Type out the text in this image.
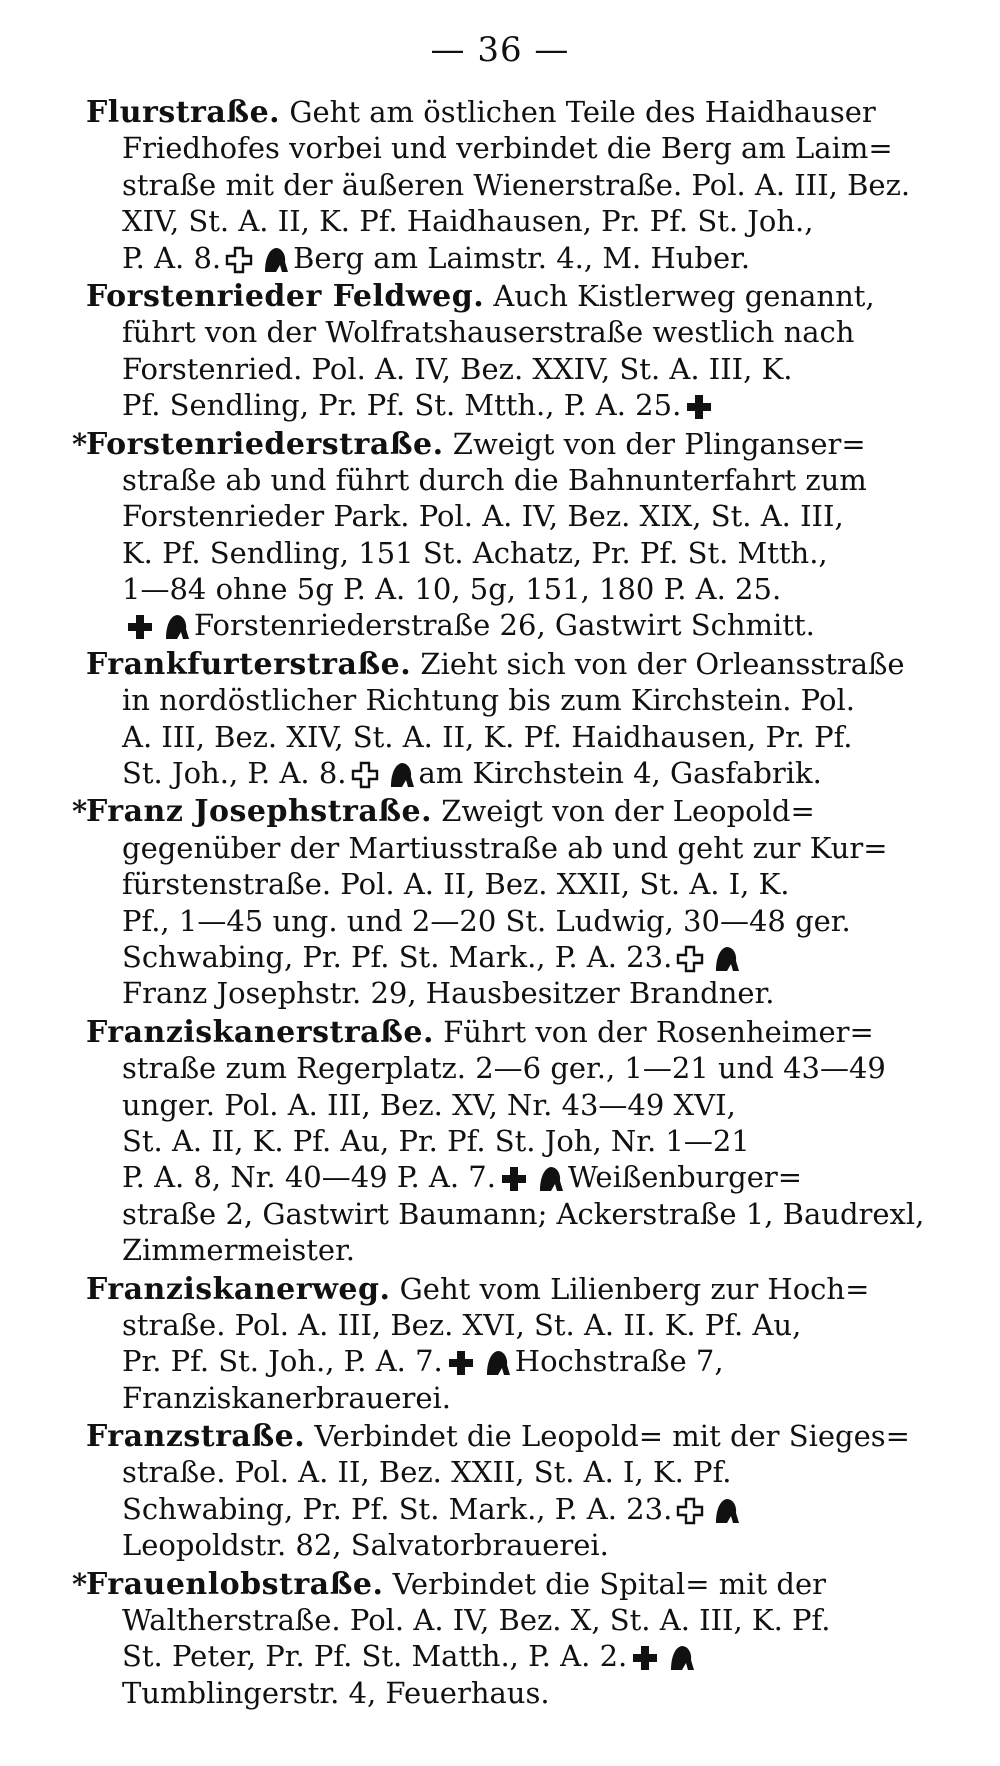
— 36 —
Flurstraße. Geht am östlichen Teile des Haidhauser
Friedhofes vorbei und verbindet die Berg am Laim=
straße mit der äußeren Wienerstraße. Pol. A. III, Bez.
XIV, St. A. II, K. Pf. Haidhausen, Pr. Pf. St. Joh.,
P. A. 8. Berg am Laimstr. 4., M. Huber.
Forstenrieder Feldweg. Auch Kistlerweg genannt,
führt von der Wolfratshauserstraße westlich nach
Forstenried. Pol. A. IV, Bez. XXIV, St. A. III, K.
Pf. Sendling, Pr. Pf. St. Mtth., P. A. 25.
*Forstenriederstraße. Zweigt von der Plinganser=
straße ab und führt durch die Bahnunterfahrt zum
Forstenrieder Park. Pol. A. IV, Bez. XIX, St. A. III,
K. Pf. Sendling, 151 St. Achatz, Pr. Pf. St. Mtth.,
1—84 ohne 5g P. A. 10, 5g, 151, 180 P. A. 25.
Forstenriederstraße 26, Gastwirt Schmitt.
Frankfurterstraße. Zieht sich von der Orleansstraße
in nordöstlicher Richtung bis zum Kirchstein. Pol.
A. III, Bez. XIV, St. A. II, K. Pf. Haidhausen, Pr. Pf.
St. Joh., P. A. 8. am Kirchstein 4, Gasfabrik.
*Franz Josephstraße. Zweigt von der Leopold=
gegenüber der Martiusstraße ab und geht zur Kur=
fürstenstraße. Pol. A. II, Bez. XXII, St. A. I, K.
Pf., 1—45 ung. und 2—20 St. Ludwig, 30—48 ger.
Schwabing, Pr. Pf. St. Mark., P. A. 23.
Franz Josephstr. 29, Hausbesitzer Brandner.
Franziskanerstraße. Führt von der Rosenheimer=
straße zum Regerplatz. 2—6 ger., 1—21 und 43—49
unger. Pol. A. III, Bez. XV, Nr. 43—49 XVI,
St. A. II, K. Pf. Au, Pr. Pf. St. Joh, Nr. 1—21
P. A. 8, Nr. 40—49 P. A. 7. Weißenburger=
straße 2, Gastwirt Baumann; Ackerstraße 1, Baudrexl,
Zimmermeister.
Franziskanerweg. Geht vom Lilienberg zur Hoch=
straße. Pol. A. III, Bez. XVI, St. A. II. K. Pf. Au,
Pr. Pf. St. Joh., P. A. 7. Hochstraße 7,
Franziskanerbrauerei.
Franzstraße. Verbindet die Leopold= mit der Sieges=
straße. Pol. A. II, Bez. XXII, St. A. I, K. Pf.
Schwabing, Pr. Pf. St. Mark., P. A. 23.
Leopoldstr. 82, Salvatorbrauerei.
*Frauenlobstraße. Verbindet die Spital= mit der
Waltherstraße. Pol. A. IV, Bez. X, St. A. III, K. Pf.
St. Peter, Pr. Pf. St. Matth., P. A. 2.
Tumblingerstr. 4, Feuerhaus.
